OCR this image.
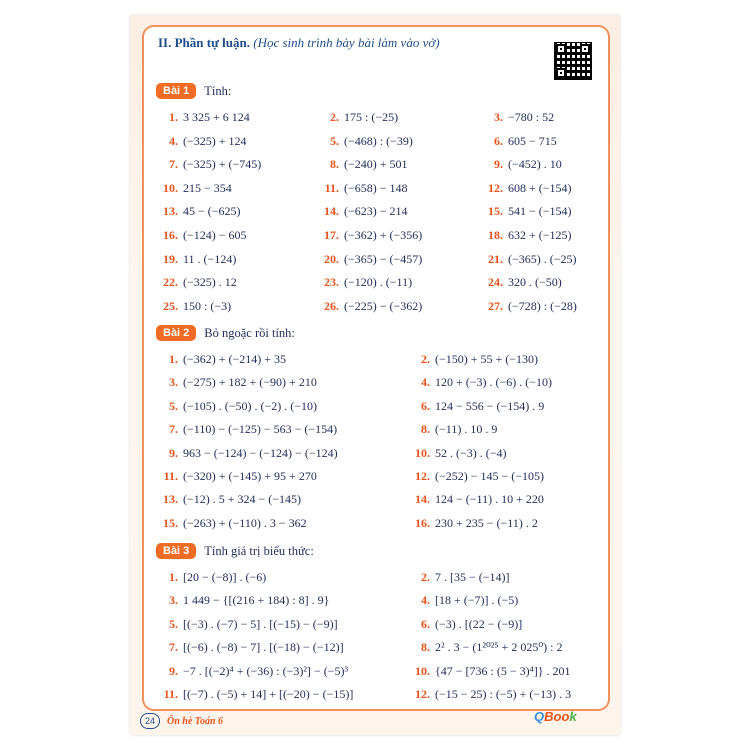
II. Phần tự luận. (Học sinh trình bày bài làm vào vở)
Bài 1 Tính:
1. 3 325 + 6 124	2. 175 : (−25)	3. −780 : 52
4. (−325) + 124	5. (−468) : (−39)	6. 605 − 715
7. (−325) + (−745)	8. (−240) + 501	9. (−452) . 10
10. 215 − 354	11. (−658) − 148	12. 608 + (−154)
13. 45 − (−625)	14. (−623) − 214	15. 541 − (−154)
16. (−124) − 605	17. (−362) + (−356)	18. 632 + (−125)
19. 11 . (−124)	20. (−365) − (−457)	21. (−365) . (−25)
22. (−325) . 12	23. (−120) . (−11)	24. 320 . (−50)
25. 150 : (−3)	26. (−225) − (−362)	27. (−728) : (−28)
Bài 2 Bỏ ngoặc rồi tính:
1. (−362) + (−214) + 35	2. (−150) + 55 + (−130)
3. (−275) + 182 + (−90) + 210	4. 120 + (−3) . (−6) . (−10)
5. (−105) . (−50) . (−2) . (−10)	6. 124 − 556 − (−154) . 9
7. (−110) − (−125) − 563 − (−154)	8. (−11) . 10 . 9
9. 963 − (−124) − (−124) − (−124)	10. 52 . (−3) . (−4)
11. (−320) + (−145) + 95 + 270	12. (−252) − 145 − (−105)
13. (−12) . 5 + 324 − (−145)	14. 124 − (−11) . 10 + 220
15. (−263) + (−110) . 3 − 362	16. 230 + 235 − (−11) . 2
Bài 3 Tính giá trị biểu thức:
1. [20 − (−8)] . (−6)	2. 7 . [35 − (−14)]
3. 1 449 − {[(216 + 184) : 8] . 9}	4. [18 + (−7)] . (−5)
5. [(−3) . (−7) − 5] . [(−15) − (−9)]	6. (−3) . [(22 − (−9)]
7. [(−6) . (−8) − 7] . [(−18) − (−12)]	8. 2² . 3 − (1²⁰²⁵ + 2 025⁰) : 2
9. −7 . [(−2)⁴ + (−36) : (−3)²] − (−5)³	10. {47 − [736 : (5 − 3)⁴]} . 201
11. [(−7) . (−5) + 14] + [(−20) − (−15)]	12. (−15 − 25) : (−5) + (−13) . 3
24 Ôn hè Toán 6	QBook
